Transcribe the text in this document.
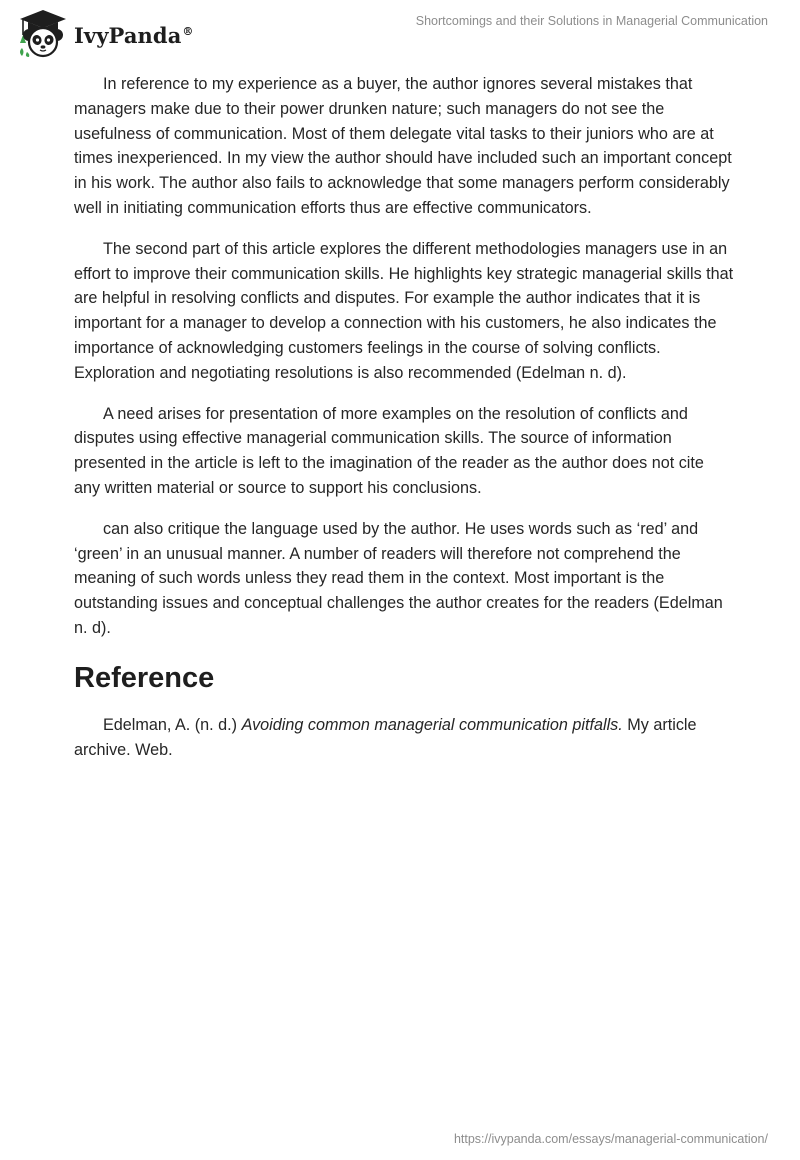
IvyPanda®
Shortcomings and their Solutions in Managerial Communication

In reference to my experience as a buyer, the author ignores several mistakes that managers make due to their power drunken nature; such managers do not see the usefulness of communication. Most of them delegate vital tasks to their juniors who are at times inexperienced. In my view the author should have included such an important concept in his work. The author also fails to acknowledge that some managers perform considerably well in initiating communication efforts thus are effective communicators.

The second part of this article explores the different methodologies managers use in an effort to improve their communication skills. He highlights key strategic managerial skills that are helpful in resolving conflicts and disputes. For example the author indicates that it is important for a manager to develop a connection with his customers, he also indicates the importance of acknowledging customers feelings in the course of solving conflicts. Exploration and negotiating resolutions is also recommended (Edelman n. d).

A need arises for presentation of more examples on the resolution of conflicts and disputes using effective managerial communication skills. The source of information presented in the article is left to the imagination of the reader as the author does not cite any written material or source to support his conclusions.

can also critique the language used by the author. He uses words such as ‘red’ and ‘green’ in an unusual manner. A number of readers will therefore not comprehend the meaning of such words unless they read them in the context. Most important is the outstanding issues and conceptual challenges the author creates for the readers (Edelman n. d).

Reference

Edelman, A. (n. d.) Avoiding common managerial communication pitfalls. My article archive. Web.

https://ivypanda.com/essays/managerial-communication/
